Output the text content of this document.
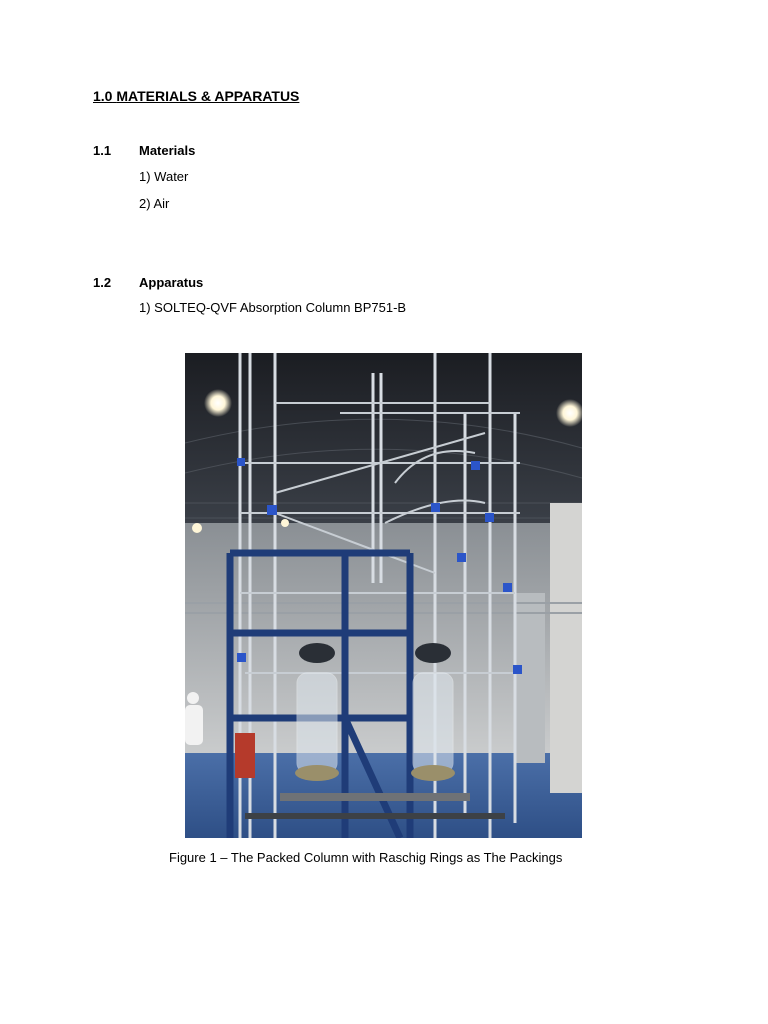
1.0 MATERIALS & APPARATUS
1.1 Materials
1) Water
2) Air
1.2 Apparatus
1) SOLTEQ-QVF Absorption Column BP751-B
Figure 1 – The Packed Column with Raschig Rings as The Packings
